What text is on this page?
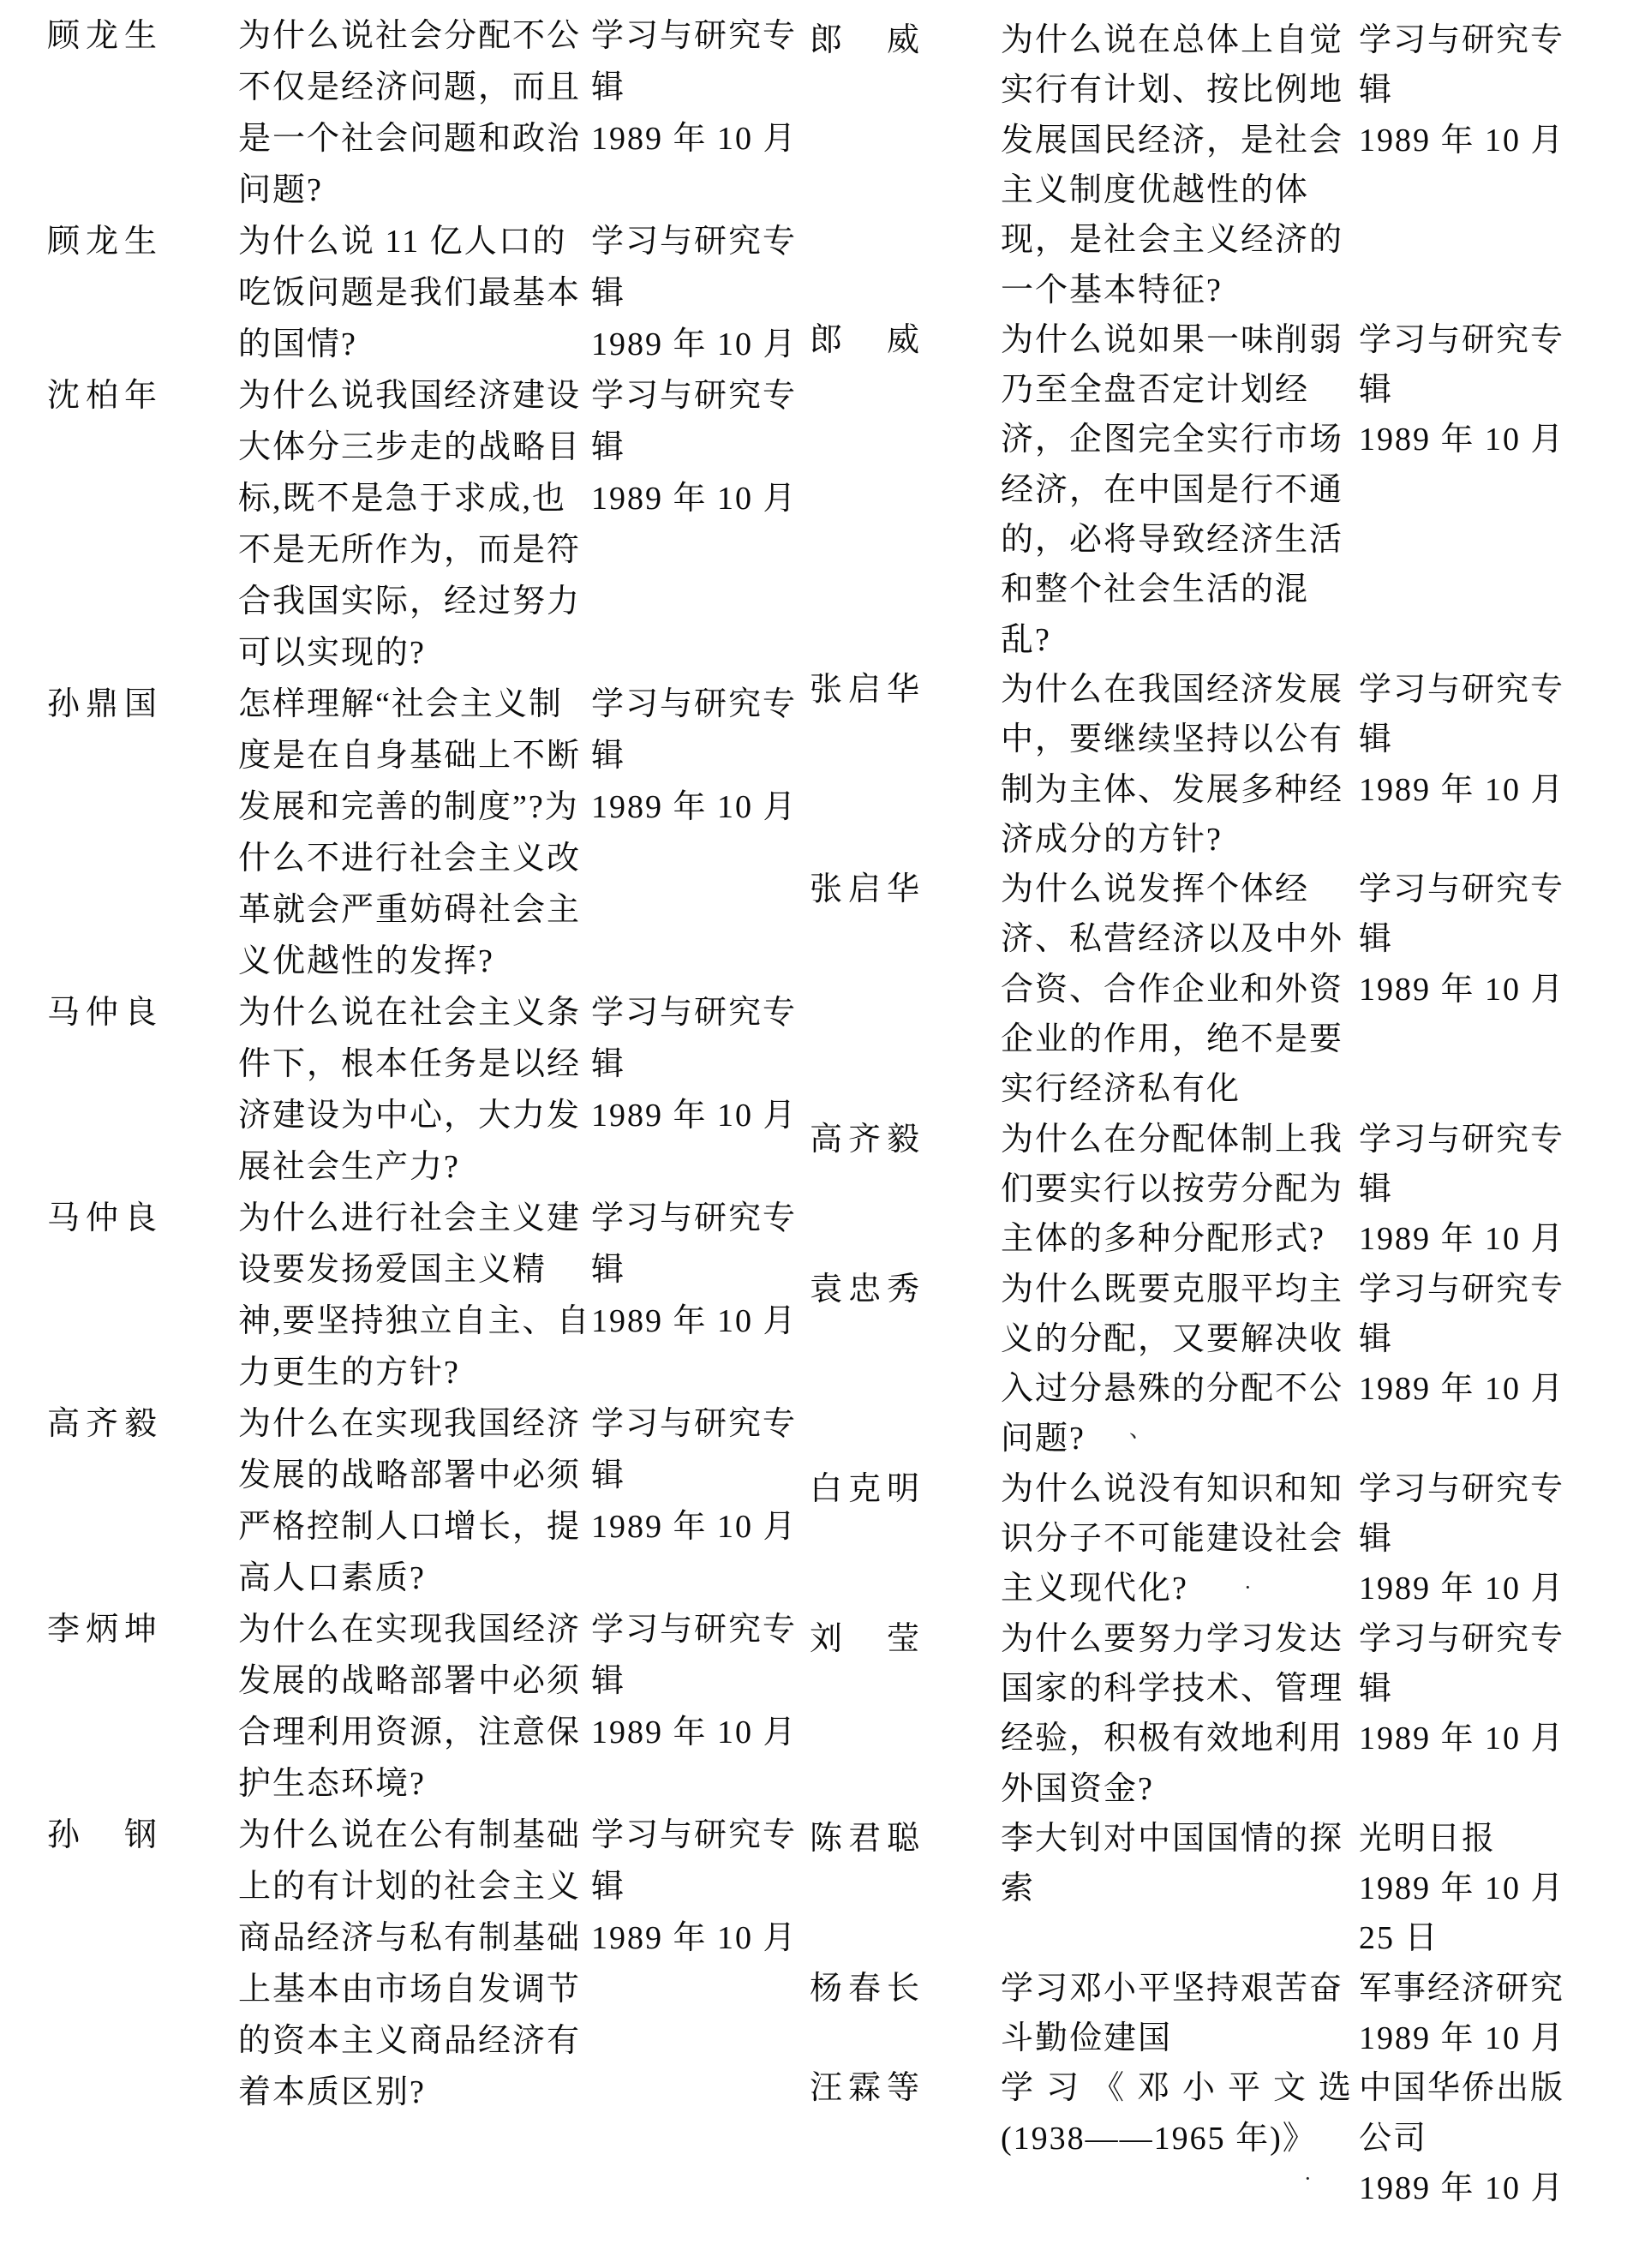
顾龙生 为什么说社会分配不公
不仅是经济问题，而且
是一个社会问题和政治
问题?
学习与研究专
辑
1989 年 10 月
顾龙生 为什么说 11 亿人口的
吃饭问题是我们最基本
的国情?
学习与研究专
辑
1989 年 10 月
沈柏年 为什么说我国经济建设
大体分三步走的战略目
标,既不是急于求成,也
不是无所作为，而是符
合我国实际，经过努力
可以实现的?
学习与研究专
辑
1989 年 10 月
孙鼎国 怎样理解“社会主义制
度是在自身基础上不断
发展和完善的制度”?为
什么不进行社会主义改
革就会严重妨碍社会主
义优越性的发挥?
学习与研究专
辑
1989 年 10 月
马仲良 为什么说在社会主义条
件下，根本任务是以经
济建设为中心，大力发
展社会生产力?
学习与研究专
辑
1989 年 10 月
马仲良 为什么进行社会主义建
设要发扬爱国主义精
神,要坚持独立自主、自
力更生的方针?
学习与研究专
辑
1989 年 10 月
高齐毅 为什么在实现我国经济
发展的战略部署中必须
严格控制人口增长，提
高人口素质?
学习与研究专
辑
1989 年 10 月
李炳坤 为什么在实现我国经济
发展的战略部署中必须
合理利用资源，注意保
护生态环境?
学习与研究专
辑
1989 年 10 月
孙　钢 为什么说在公有制基础
上的有计划的社会主义
商品经济与私有制基础
上基本由市场自发调节
的资本主义商品经济有
着本质区别?
学习与研究专
辑
1989 年 10 月
郎　威 为什么说在总体上自觉
实行有计划、按比例地
发展国民经济，是社会
主义制度优越性的体
现，是社会主义经济的
一个基本特征?
学习与研究专
辑
1989 年 10 月
郎　威 为什么说如果一味削弱
乃至全盘否定计划经
济，企图完全实行市场
经济，在中国是行不通
的，必将导致经济生活
和整个社会生活的混
乱?
学习与研究专
辑
1989 年 10 月
张启华 为什么在我国经济发展
中，要继续坚持以公有
制为主体、发展多种经
济成分的方针?
学习与研究专
辑
1989 年 10 月
张启华 为什么说发挥个体经
济、私营经济以及中外
合资、合作企业和外资
企业的作用，绝不是要
实行经济私有化
学习与研究专
辑
1989 年 10 月
高齐毅 为什么在分配体制上我
们要实行以按劳分配为
主体的多种分配形式?
学习与研究专
辑
1989 年 10 月
袁忠秀 为什么既要克服平均主
义的分配，又要解决收
入过分悬殊的分配不公
问题?
学习与研究专
辑
1989 年 10 月
白克明 为什么说没有知识和知
识分子不可能建设社会
主义现代化?
学习与研究专
辑
1989 年 10 月
刘　莹 为什么要努力学习发达
国家的科学技术、管理
经验，积极有效地利用
外国资金?
学习与研究专
辑
1989 年 10 月
陈君聪 李大钊对中国国情的探
索
光明日报
1989 年 10 月
25 日
杨春长 学习邓小平坚持艰苦奋
斗勤俭建国
军事经济研究
1989 年 10 月
汪霖等 学习《邓小平文选
(1938——1965 年)》
中国华侨出版
公司
1989 年 10 月
、
·
·
